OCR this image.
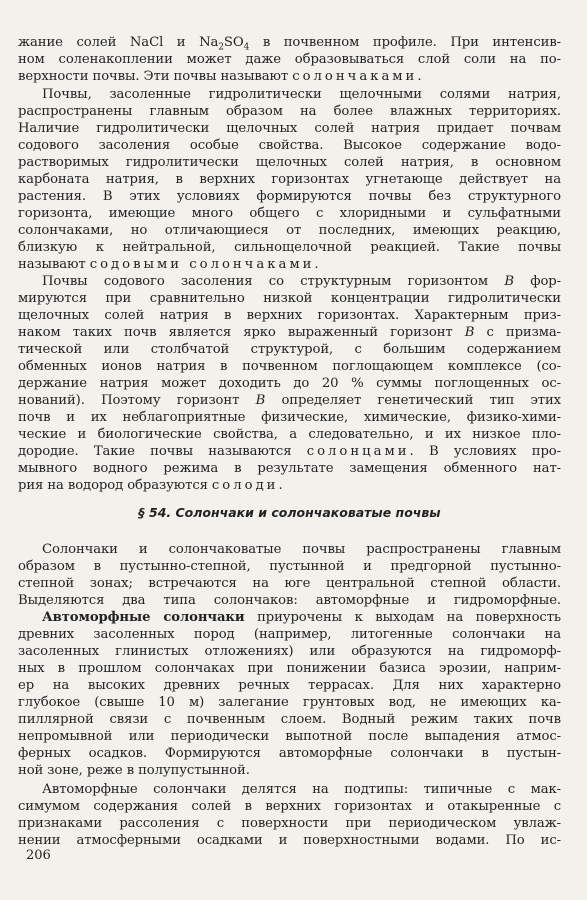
жание солей NaCl и $Na_2SO_4$ в почвенном профиле. При интенсив-
ном соленакоплении может даже образовываться слой соли на по-
верхности почвы. Эти почвы называют солончаками.
Почвы, засоленные гидролитически щелочными солями натрия,
распространены главным образом на более влажных территориях.
Наличие гидролитически щелочных солей натрия придает почвам
содового засоления особые свойства. Высокое содержание водо-
растворимых гидролитически щелочных солей натрия, в основном
карбоната натрия, в верхних горизонтах угнетающе действует на
растения. В этих условиях формируются почвы без структурного
горизонта, имеющие много общего с хлоридными и сульфатными
солончаками, но отличающиеся от последних, имеющих реакцию,
близкую к нейтральной, сильнощелочной реакцией. Такие почвы
называют содовыми солончаками.
Почвы содового засоления со структурным горизонтом В фор-
мируются при сравнительно низкой концентрации гидролитически
щелочных солей натрия в верхних горизонтах. Характерным приз-
наком таких почв является ярко выраженный горизонт В с призма-
тической или столбчатой структурой, с большим содержанием
обменных ионов натрия в почвенном поглощающем комплексе (со-
держание натрия может доходить до 20 % суммы поглощенных ос-
нований). Поэтому горизонт В определяет генетический тип этих
почв и их неблагоприятные физические, химические, физико-хими-
ческие и биологические свойства, а следовательно, и их низкое пло-
дородие. Такие почвы называются солонцами. В условиях про-
мывного водного режима в результате замещения обменного нат-
рия на водород образуются солоди.
§ 54. Солончаки и солончаковатые почвы
Солончаки и солончаковатые почвы распространены главным
образом в пустынно-степной, пустынной и предгорной пустынно-
степной зонах; встречаются на юге центральной степной области.
Выделяются два типа солончаков: автоморфные и гидроморфные.
Автоморфные солончаки приурочены к выходам на поверхность
древних засоленных пород (например, литогенные солончаки на
засоленных глинистых отложениях) или образуются на гидроморф-
ных в прошлом солончаках при понижении базиса эрозии, наприм-
ер на высоких древних речных террасах. Для них характерно
глубокое (свыше 10 м) залегание грунтовых вод, не имеющих ка-
пиллярной связи с почвенным слоем. Водный режим таких почв
непромывной или периодически выпотной после выпадения атмос-
ферных осадков. Формируются автоморфные солончаки в пустын-
ной зоне, реже в полупустынной.
Автоморфные солончаки делятся на подтипы: типичные с мак-
симумом содержания солей в верхних горизонтах и отакыренные с
признаками рассоления с поверхности при периодическом увлаж-
нении атмосферными осадками и поверхностными водами. По ис-
206
